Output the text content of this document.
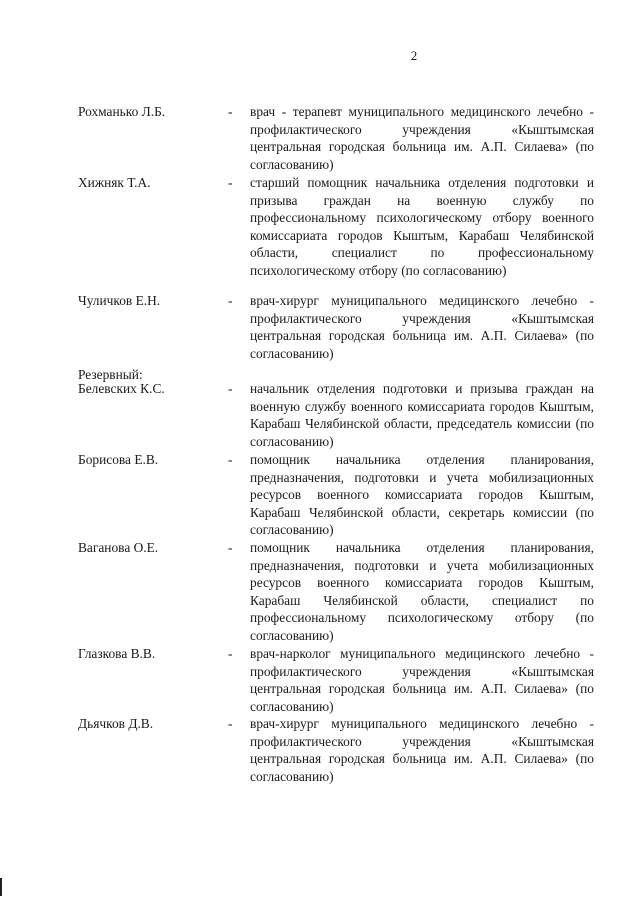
2
Рохманько Л.Б.	- врач - терапевт муниципального медицинского лечебно - профилактического учреждения «Кыштымская центральная городская больница им. А.П. Силаева» (по согласованию)
Хижняк Т.А.	- старший помощник начальника отделения подготовки и призыва граждан на военную службу по профессиональному психологическому отбору военного комиссариата городов Кыштым, Карабаш Челябинской области, специалист по профессиональному психологическому отбору (по согласованию)
Чуличков Е.Н.	- врач-хирург муниципального медицинского лечебно - профилактического учреждения «Кыштымская центральная городская больница им. А.П. Силаева» (по согласованию)
Резервный:
Белевских К.С.	- начальник отделения подготовки и призыва граждан на военную службу военного комиссариата городов Кыштым, Карабаш Челябинской области, председатель комиссии (по согласованию)
Борисова Е.В.	- помощник начальника отделения планирования, предназначения, подготовки и учета мобилизационных ресурсов военного комиссариата городов Кыштым, Карабаш Челябинской области, секретарь комиссии (по согласованию)
Ваганова О.Е.	- помощник начальника отделения планирования, предназначения, подготовки и учета мобилизационных ресурсов военного комиссариата городов Кыштым, Карабаш Челябинской области, специалист по профессиональному психологическому отбору (по согласованию)
Глазкова В.В.	- врач-нарколог муниципального медицинского лечебно - профилактического учреждения «Кыштымская центральная городская больница им. А.П. Силаева» (по согласованию)
Дьячков Д.В.	- врач-хирург муниципального медицинского лечебно - профилактического учреждения «Кыштымская центральная городская больница им. А.П. Силаева» (по согласованию)
